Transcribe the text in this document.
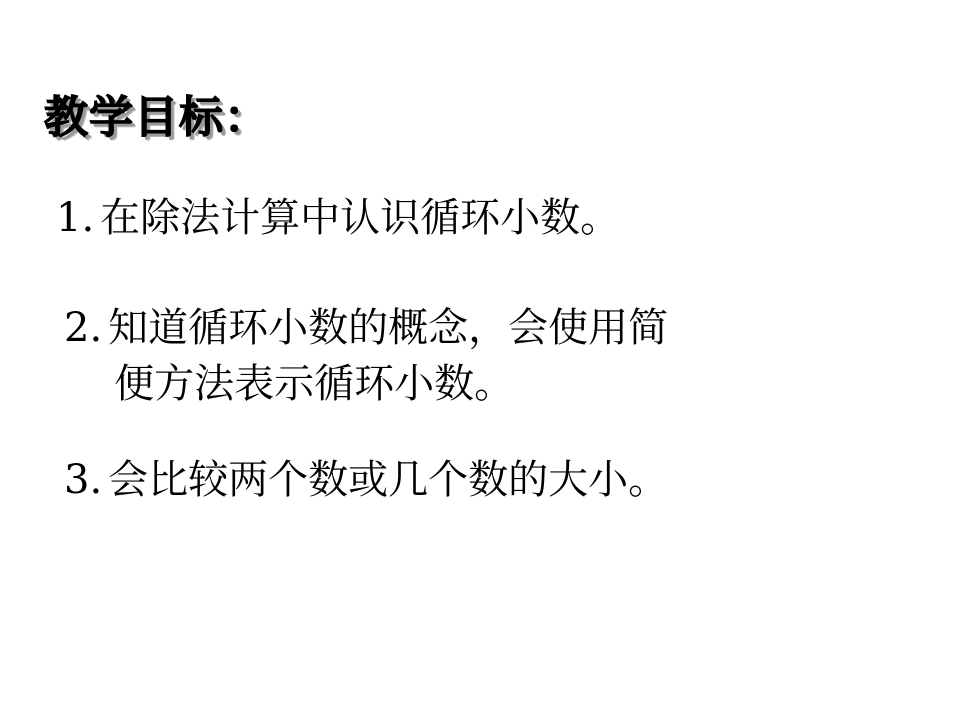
教学目标：
1. 在除法计算中认识循环小数。
2. 知道循环小数的概念，会使用简
便方法表示循环小数。
3. 会比较两个数或几个数的大小。
